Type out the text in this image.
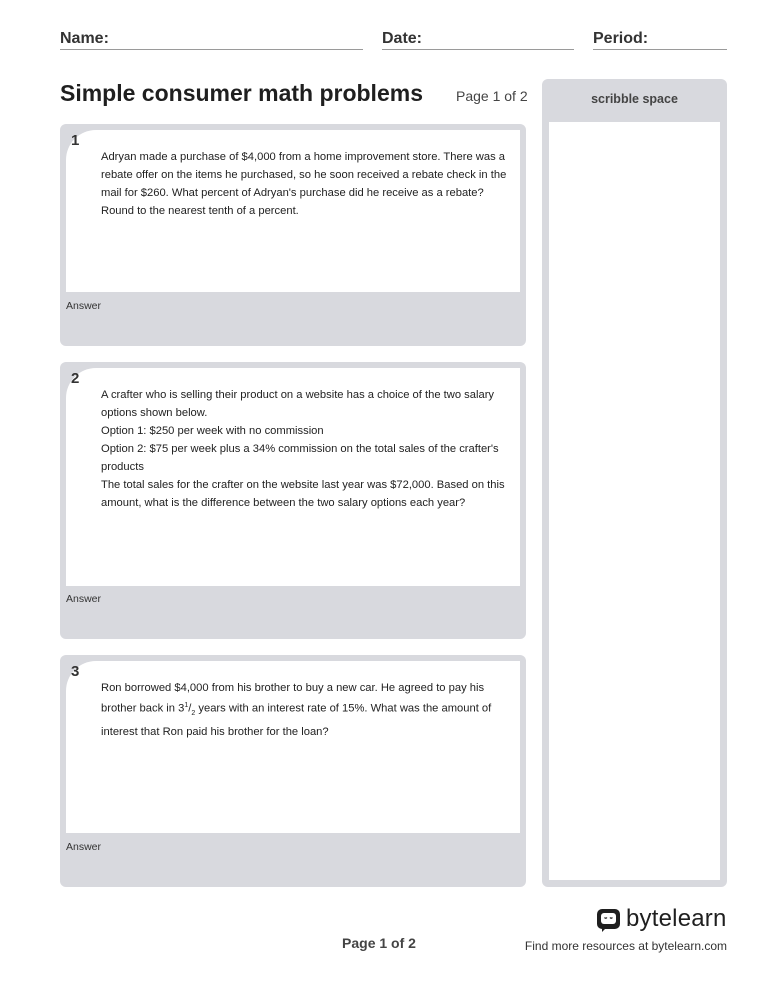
Name:	Date:	Period:
Simple consumer math problems Page 1 of 2	scribble space
1

Adryan made a purchase of $4,000 from a home improvement store. There was a rebate offer on the items he purchased, so he soon received a rebate check in the mail for $260. What percent of Adryan's purchase did he receive as a rebate? Round to the nearest tenth of a percent.

Answer
2

A crafter who is selling their product on a website has a choice of the two salary options shown below.

Option 1: $250 per week with no commission

Option 2: $75 per week plus a 34% commission on the total sales of the crafter's products

The total sales for the crafter on the website last year was $72,000. Based on this amount, what is the difference between the two salary options each year?

Answer
3

Ron borrowed $4,000 from his brother to buy a new car. He agreed to pay his brother back in $3^1/_2$ years with an interest rate of 15%. What was the amount of interest that Ron paid his brother for the loan?

Answer
bytelearn
Page 1 of 2	Find more resources at bytelearn.com
